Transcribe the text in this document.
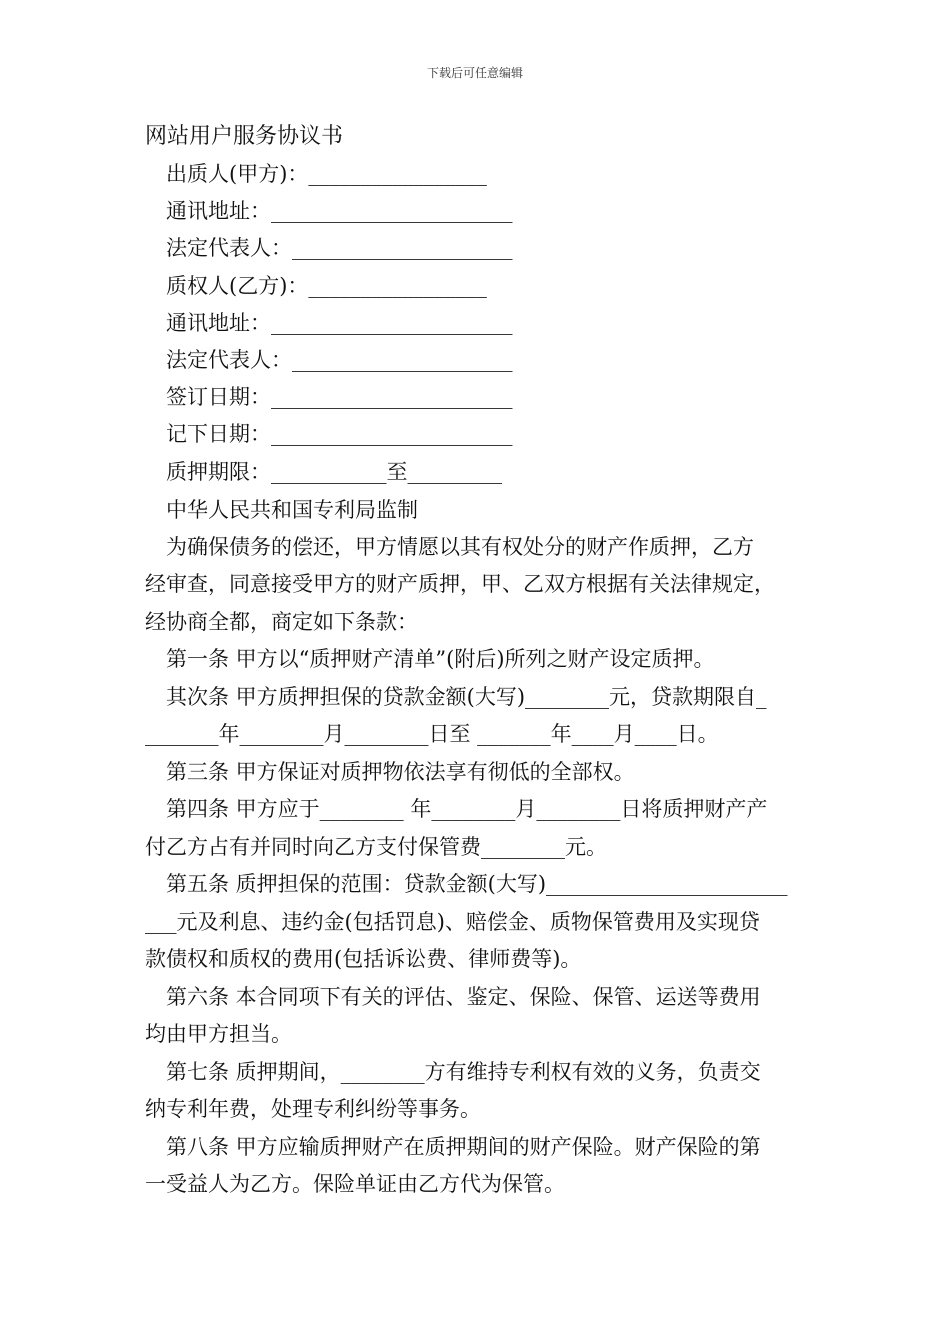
下载后可任意编辑
网站用户服务协议书
出质人(甲方)：_________________
通讯地址：_______________________
法定代表人：_____________________
质权人(乙方)：_________________
通讯地址：_______________________
法定代表人：_____________________
签订日期：_______________________
记下日期：_______________________
质押期限：___________至_________
中华人民共和国专利局监制

为确保债务的偿还，甲方情愿以其有权处分的财产作质押，乙方
经审查，同意接受甲方的财产质押，甲、乙双方根据有关法律规定，
经协商全都，商定如下条款：

第一条 甲方以“质押财产清单”(附后)所列之财产设定质押。

其次条 甲方质押担保的贷款金额(大写)________元，贷款期限自_
_______年________月________日至 _______年____月____日。

第三条 甲方保证对质押物依法享有彻低的全部权。

第四条 甲方应于________ 年________月________日将质押财产产
付乙方占有并同时向乙方支付保管费________元。

第五条 质押担保的范围：贷款金额(大写)_______________________
___元及利息、违约金(包括罚息)、赔偿金、质物保管费用及实现贷
款债权和质权的费用(包括诉讼费、律师费等)。

第六条 本合同项下有关的评估、鉴定、保险、保管、运送等费用
均由甲方担当。

第七条 质押期间，________方有维持专利权有效的义务，负责交
纳专利年费，处理专利纠纷等事务。

第八条 甲方应输质押财产在质押期间的财产保险。财产保险的第
一受益人为乙方。保险单证由乙方代为保管。
